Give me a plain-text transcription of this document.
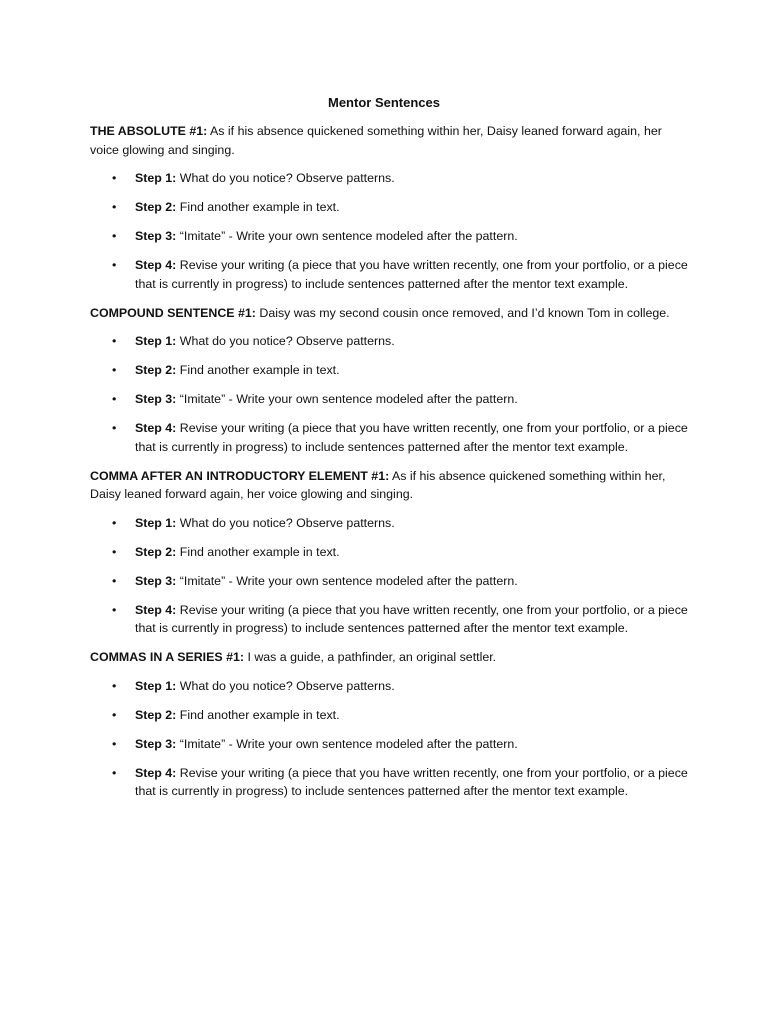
Mentor Sentences
THE ABSOLUTE #1: As if his absence quickened something within her, Daisy leaned forward again, her voice glowing and singing.
• Step 1: What do you notice? Observe patterns.
• Step 2: Find another example in text.
• Step 3: “Imitate” - Write your own sentence modeled after the pattern.
• Step 4: Revise your writing (a piece that you have written recently, one from your portfolio, or a piece that is currently in progress) to include sentences patterned after the mentor text example.
COMPOUND SENTENCE #1: Daisy was my second cousin once removed, and I’d known Tom in college.
• Step 1: What do you notice? Observe patterns.
• Step 2: Find another example in text.
• Step 3: “Imitate” - Write your own sentence modeled after the pattern.
• Step 4: Revise your writing (a piece that you have written recently, one from your portfolio, or a piece that is currently in progress) to include sentences patterned after the mentor text example.
COMMA AFTER AN INTRODUCTORY ELEMENT #1: As if his absence quickened something within her, Daisy leaned forward again, her voice glowing and singing.
• Step 1: What do you notice? Observe patterns.
• Step 2: Find another example in text.
• Step 3: “Imitate” - Write your own sentence modeled after the pattern.
• Step 4: Revise your writing (a piece that you have written recently, one from your portfolio, or a piece that is currently in progress) to include sentences patterned after the mentor text example.
COMMAS IN A SERIES #1: I was a guide, a pathfinder, an original settler.
• Step 1: What do you notice? Observe patterns.
• Step 2: Find another example in text.
• Step 3: “Imitate” - Write your own sentence modeled after the pattern.
• Step 4: Revise your writing (a piece that you have written recently, one from your portfolio, or a piece that is currently in progress) to include sentences patterned after the mentor text example.
